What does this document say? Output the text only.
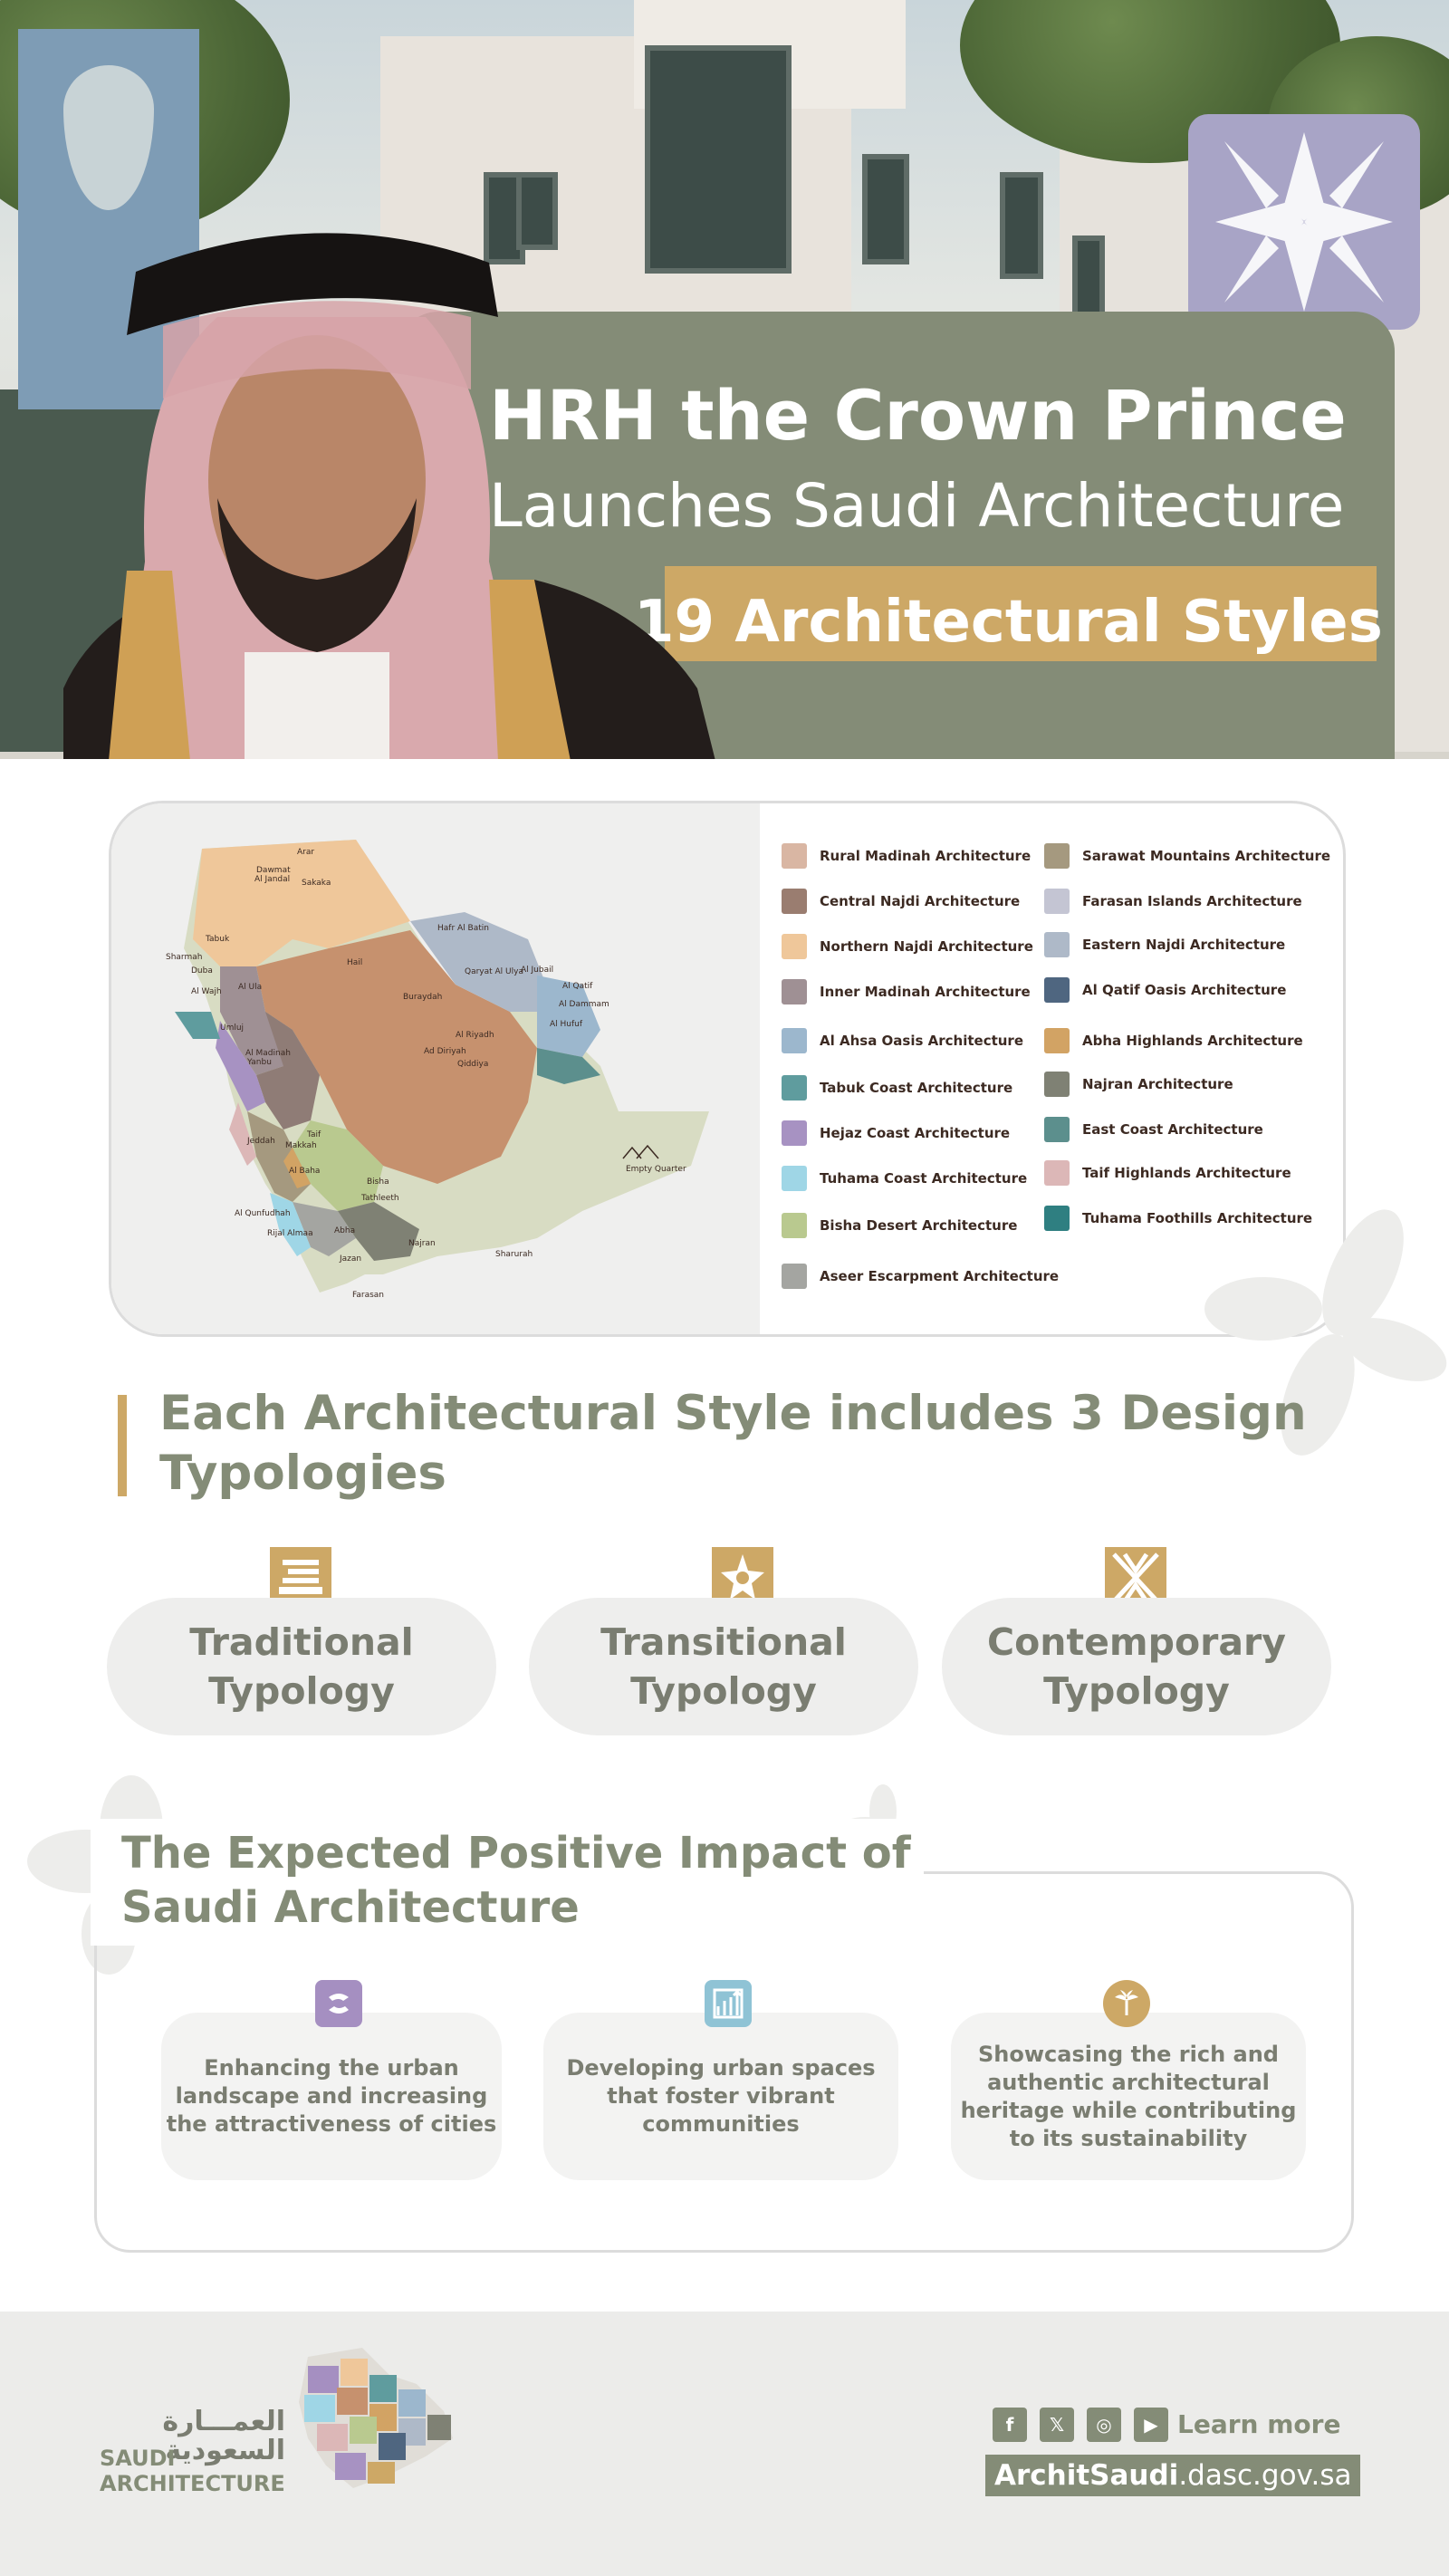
HRH the Crown Prince
Launches Saudi Architecture
19 Architectural Styles
Dawmat
Al Jandal
Arar
Sakaka
Tabuk
Sharmah
Duba
Al Wajh Al Ula
Hail
Hafr Al Batin
Qaryat Al Ulya
Al Jubail
Al Qatif
Al Dammam
Al Hufuf
Buraydah
Umluj
Al Madinah
Yanbu
Al Riyadh
Ad Diriyah
Qiddiya
Jeddah Makkah
Taif
Al Baha
Bisha
Tathleeth
Al Qunfudhah
Rijal Almaa	Abha
Najran
Sharurah
Jazan
Farasan
Empty Quarter
Rural Madinah Architecture
Central Najdi Architecture
Northern Najdi Architecture
Inner Madinah Architecture
Al Ahsa Oasis Architecture
Tabuk Coast Architecture
Hejaz Coast Architecture
Tuhama Coast Architecture
Bisha Desert Architecture
Aseer Escarpment Architecture
Sarawat Mountains Architecture
Farasan Islands Architecture
Eastern Najdi Architecture
Al Qatif Oasis Architecture
Abha Highlands Architecture
Najran Architecture
East Coast Architecture
Taif Highlands Architecture
Tuhama Foothills Architecture
Each Architectural Style includes 3 Design Typologies
Traditional
Typology
Transitional
Typology
Contemporary
Typology
The Expected Positive Impact of
Saudi Architecture
Enhancing the urban
landscape and increasing
the attractiveness of cities
Developing urban spaces
that foster vibrant
communities
Showcasing the rich and
authentic architectural
heritage while contributing
to its sustainability
العمـــارة
السعودية
SAUDI
ARCHITECTURE
f	𝕏	◎	▶ Learn more
ArchitSaudi.dasc.gov.sa
